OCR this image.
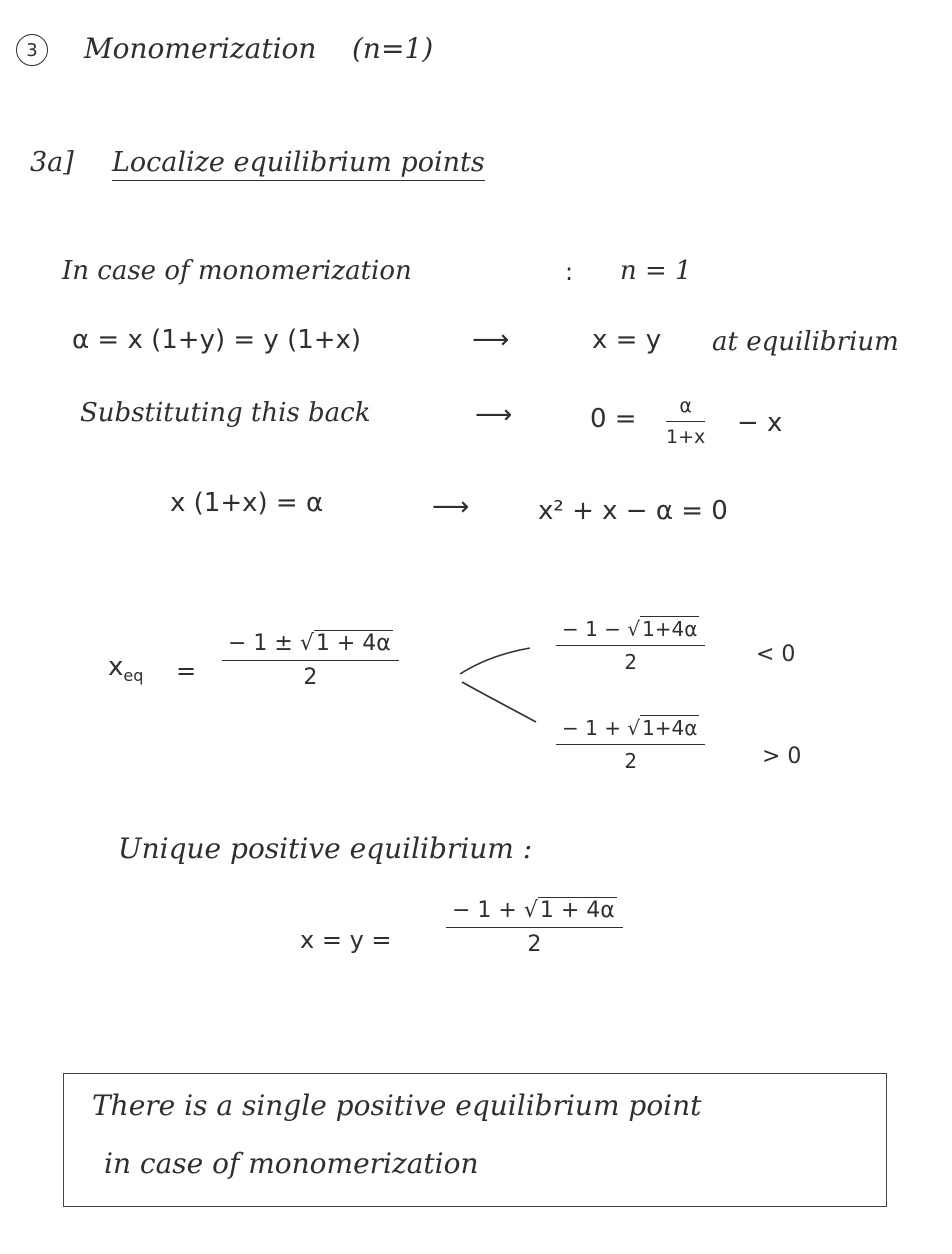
3 Monomerization (n=1)
3a] Localize equilibrium points
In case of monomerization	: n = 1
α = x (1+y) = y (1+x)	⟶	x = y at equilibrium
Substituting this back	⟶	0 =	α
1+x − x
x (1+x) = α	⟶	x² + x − α = 0
$x_{eq}$ =
− 1 ± √1 + 4α
2
− 1 − √ 1+4α
2	< 0
− 1 + √ 1+4α
2	> 0
Unique positive equilibrium :
x = y =
− 1 + √1 + 4α
2
There is a single positive equilibrium point
in case of monomerization
